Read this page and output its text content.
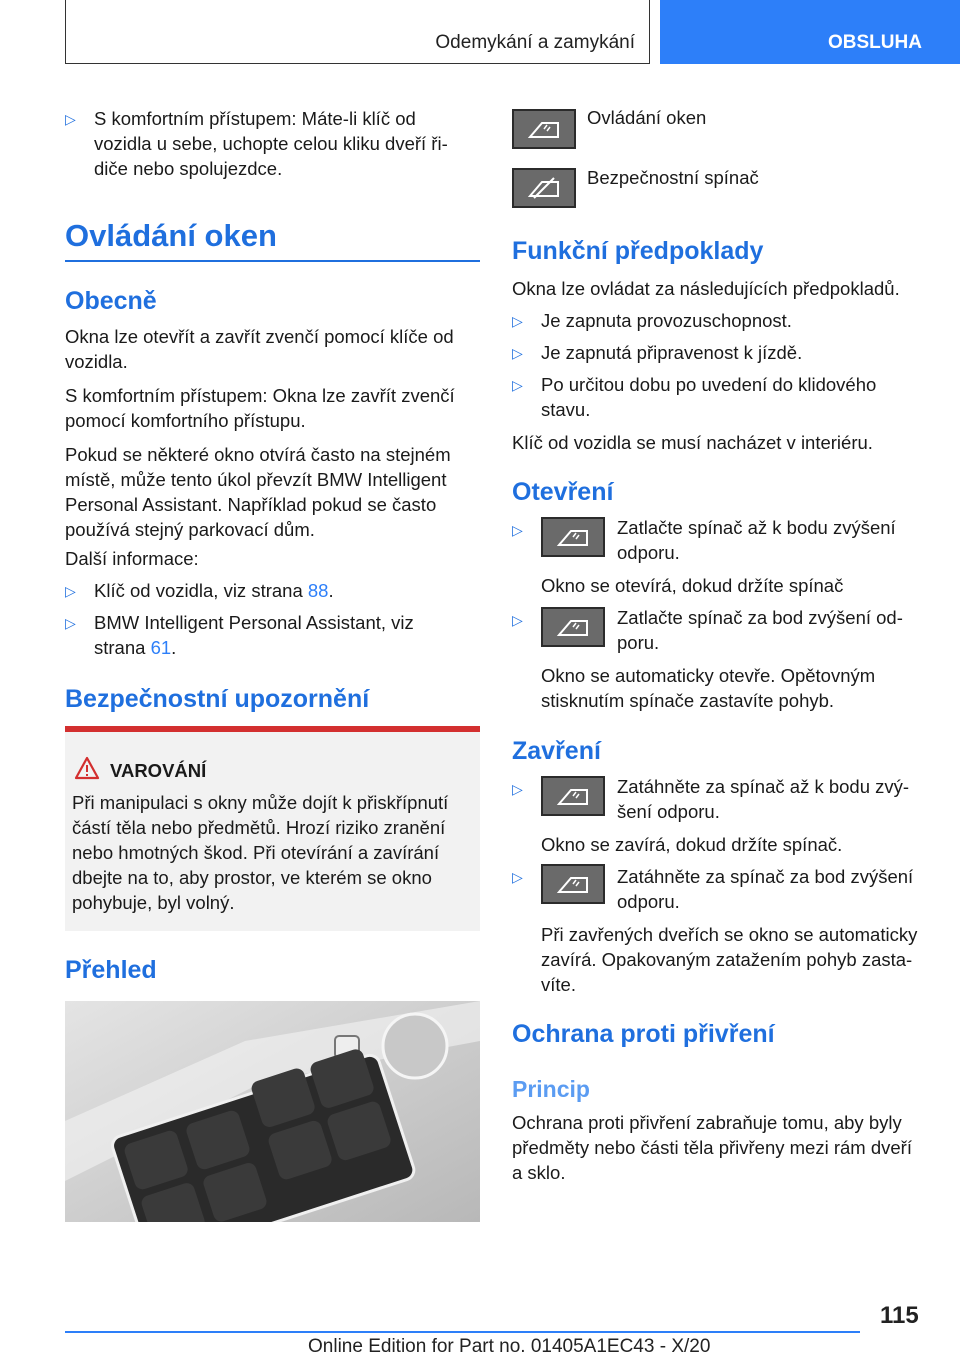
Odemykání a zamykání	OBSLUHA
▷ S komfortním přístupem: Máte-li klíč od vozidla u sebe, uchopte celou kliku dveří řidiče nebo spolujezdce.
Ovládání oken
Obecně
Okna lze otevřít a zavřít zvenčí pomocí klíče od vozidla.
S komfortním přístupem: Okna lze zavřít zvenčí pomocí komfortního přístupu.
Pokud se některé okno otvírá často na stejném místě, může tento úkol převzít BMW Intelligent Personal Assistant. Například pokud se často používá stejný parkovací dům.
Další informace:
▷ Klíč od vozidla, viz strana 88.
▷ BMW Intelligent Personal Assistant, viz strana 61.
Bezpečnostní upozornění
VAROVÁNÍ
Při manipulaci s okny může dojít k přiskřípnutí částí těla nebo předmětů. Hrozí riziko zranění nebo hmotných škod. Při otevírání a zavírání dbejte na to, aby prostor, ve kterém se okno pohybuje, byl volný.
Přehled
Ovládání oken
Bezpečnostní spínač
Funkční předpoklady
Okna lze ovládat za následujících předpokladů.
▷ Je zapnuta provozuschopnost.
▷ Je zapnutá připravenost k jízdě.
▷ Po určitou dobu po uvedení do klidového stavu.
Klíč od vozidla se musí nacházet v interiéru.
Otevření
▷	Zatlačte spínač až k bodu zvýšení odporu.
Okno se otevírá, dokud držíte spínač
▷	Zatlačte spínač za bod zvýšení odporu.
Okno se automaticky otevře. Opětovným stisknutím spínače zastavíte pohyb.
Zavření
▷	Zatáhněte za spínač až k bodu zvýšení odporu.
Okno se zavírá, dokud držíte spínač.
▷	Zatáhněte za spínač za bod zvýšení odporu.
Při zavřených dveřích se okno se automaticky zavírá. Opakovaným zatažením pohyb zastavíte.
Ochrana proti přivření
Princip
Ochrana proti přivření zabraňuje tomu, aby byly předměty nebo části těla přivřeny mezi rám dveří a sklo.
115
Online Edition for Part no. 01405A1EC43 - X/20
